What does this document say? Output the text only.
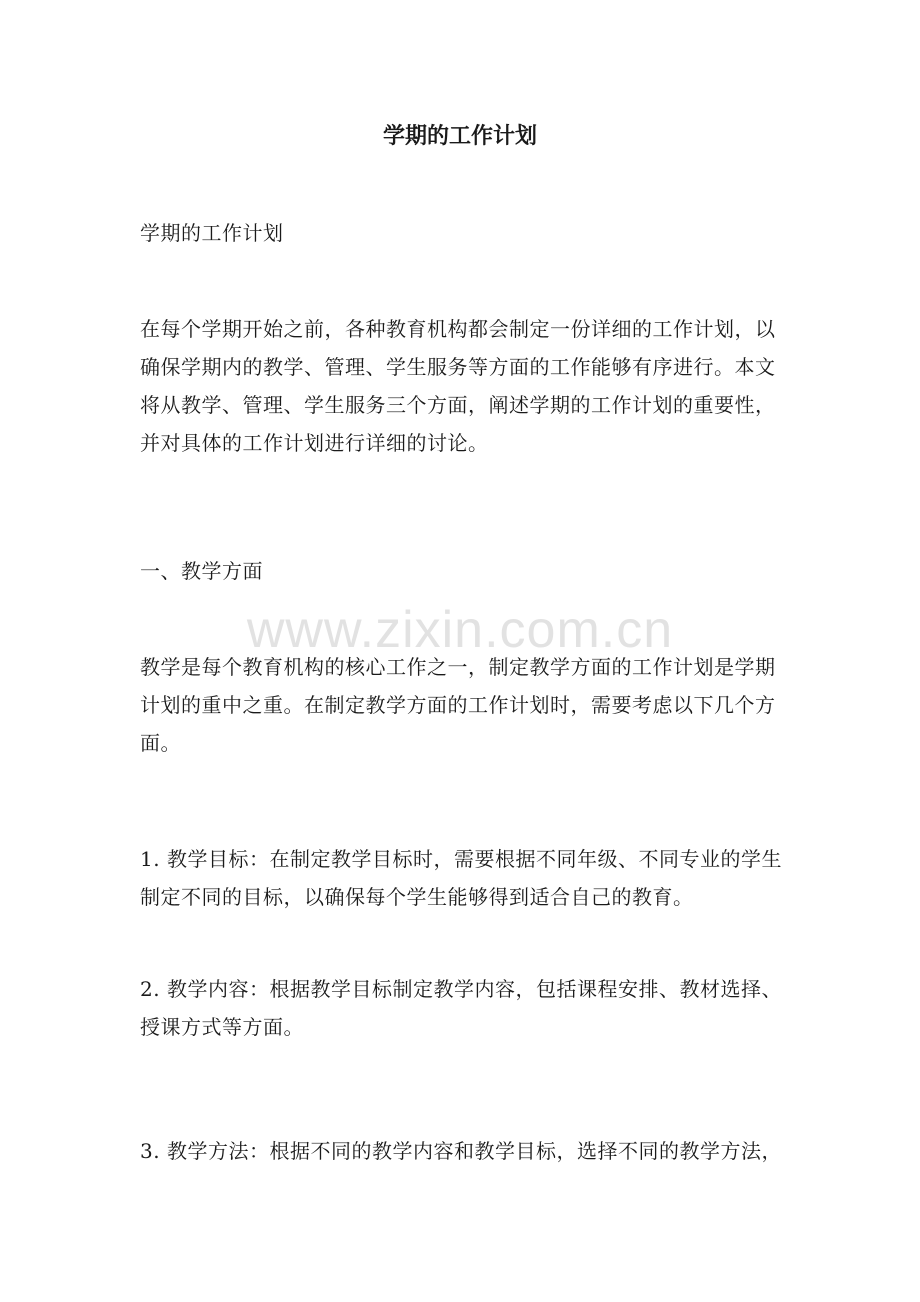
学期的工作计划

学期的工作计划

在每个学期开始之前，各种教育机构都会制定一份详细的工作计划，以确保学期内的教学、管理、学生服务等方面的工作能够有序进行。本文将从教学、管理、学生服务三个方面，阐述学期的工作计划的重要性，并对具体的工作计划进行详细的讨论。

一、教学方面

www.zixin.com.cn

教学是每个教育机构的核心工作之一，制定教学方面的工作计划是学期计划的重中之重。在制定教学方面的工作计划时，需要考虑以下几个方面。

1. 教学目标：在制定教学目标时，需要根据不同年级、不同专业的学生制定不同的目标，以确保每个学生能够得到适合自己的教育。

2. 教学内容：根据教学目标制定教学内容，包括课程安排、教材选择、授课方式等方面。

3. 教学方法：根据不同的教学内容和教学目标，选择不同的教学方法，
